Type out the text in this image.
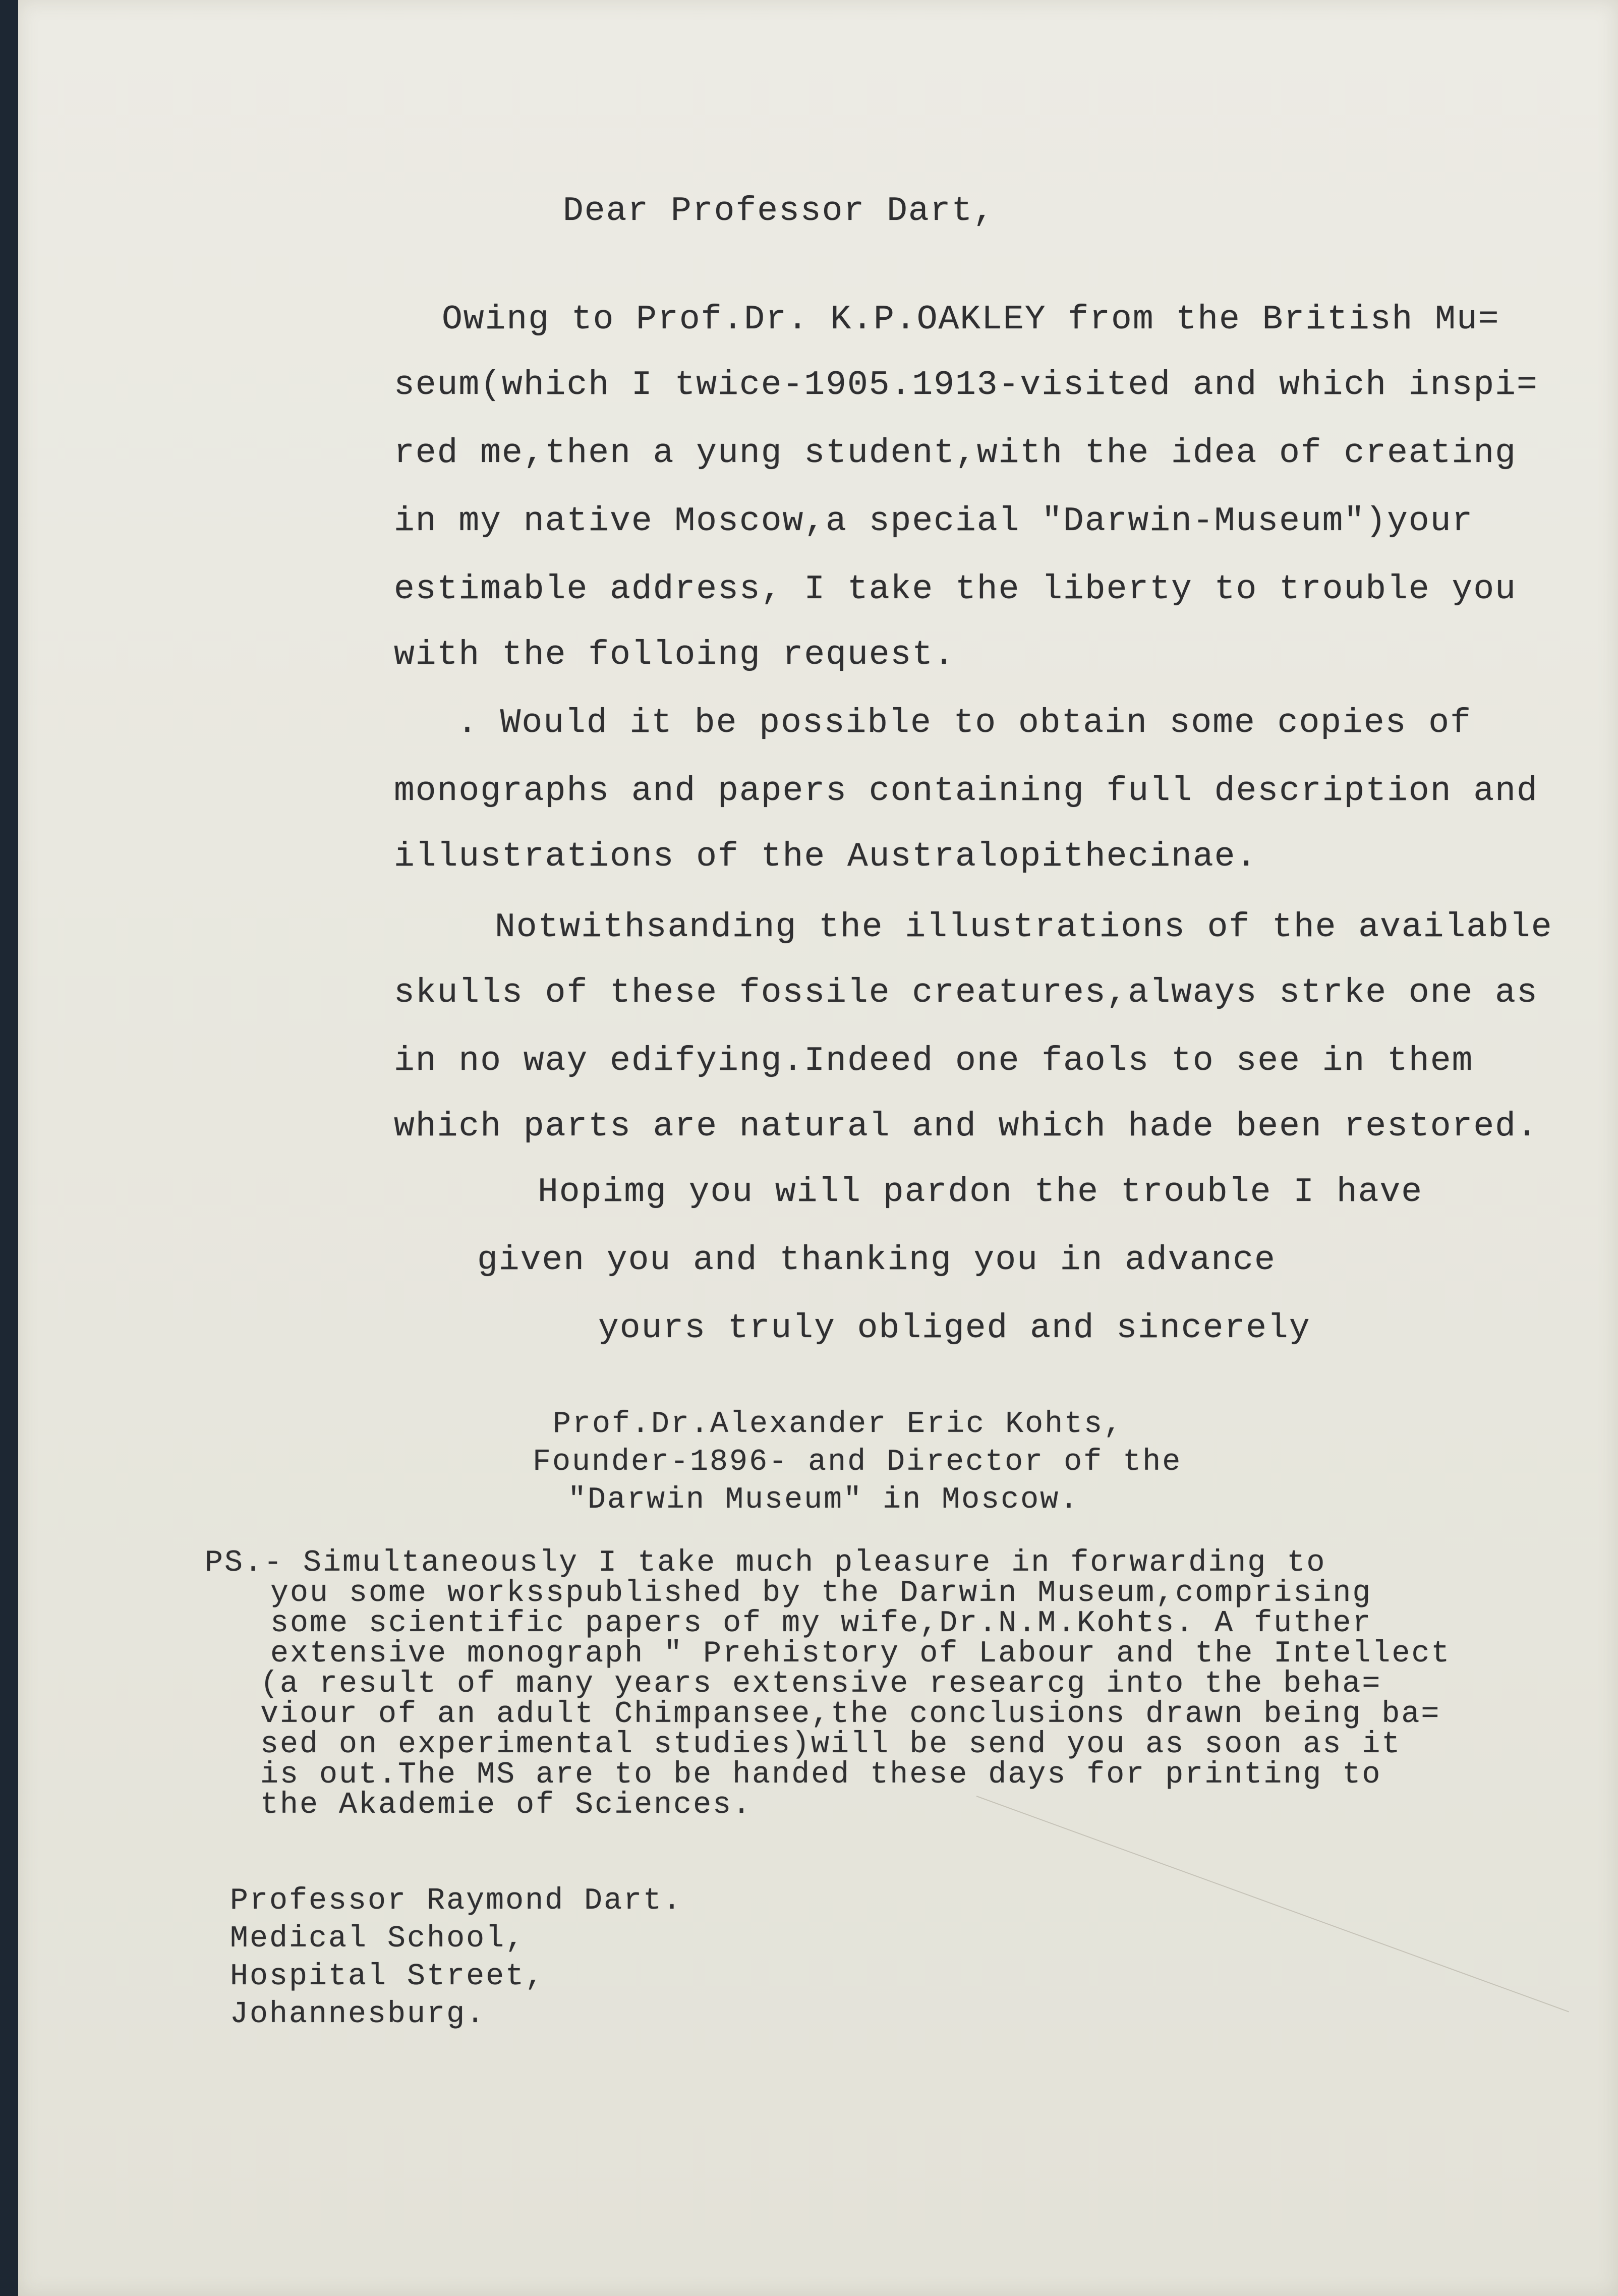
Dear Professor Dart,

Owing to Prof.Dr. K.P.OAKLEY from the British Mu=

seum(which I twice-1905.1913-visited and which inspi=

red me,then a yung student,with the idea of creating

in my native Moscow,a special "Darwin-Museum")your

estimable address, I take the liberty to trouble you

with the folloing request.

. Would it be possible to obtain some copies of

monographs and papers containing full description and

illustrations of the Australopithecinae.

Notwithsanding the illustrations of the available

skulls of these fossile creatures,always strke one as

in no way edifying.Indeed one faols to see in them

which parts are natural and which hade been restored.

Hopimg you will pardon the trouble I have

given you and thanking you in advance

yours truly obliged and sincerely

Prof.Dr.Alexander Eric Kohts,

Founder-1896- and Director of the

"Darwin Museum" in Moscow.

PS.- Simultaneously I take much pleasure in forwarding to

you some worksspublished by the Darwin Museum,comprising

some scientific papers of my wife,Dr.N.M.Kohts. A futher

extensive monograph " Prehistory of Labour and the Intellect

(a result of many years extensive researcg into the beha=

viour of an adult Chimpansee,the conclusions drawn being ba=

sed on experimental studies)will be send you as soon as it

is out.The MS are to be handed these days for printing to

the Akademie of Sciences.

Professor Raymond Dart.

Medical School,

Hospital Street,

Johannesburg.
